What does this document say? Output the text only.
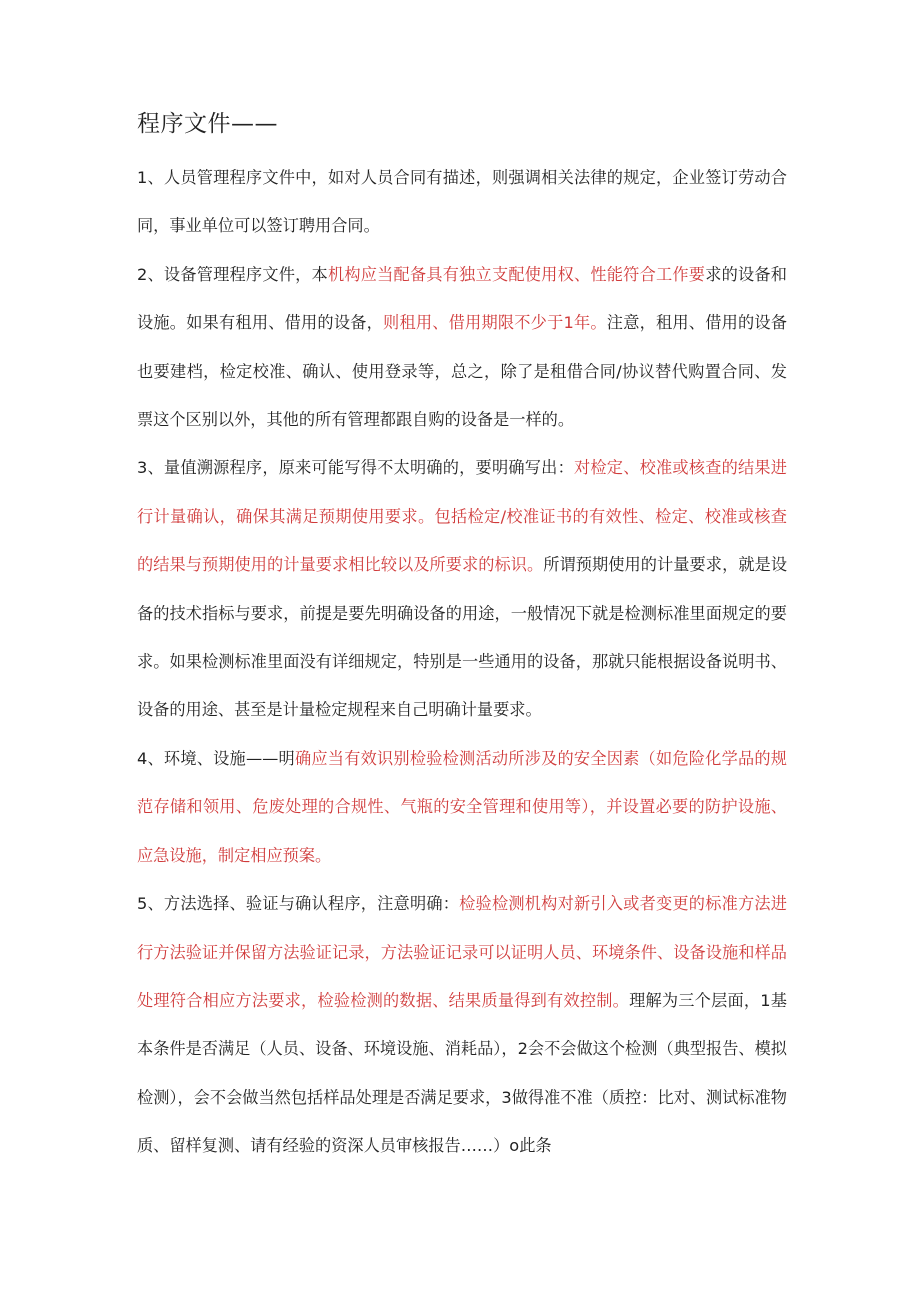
程序文件——

1、人员管理程序文件中，如对人员合同有描述，则强调相关法律的规定，企业签订劳动合同，事业单位可以签订聘用合同。

2、设备管理程序文件，本机构应当配备具有独立支配使用权、性能符合工作要求的设备和设施。如果有租用、借用的设备，则租用、借用期限不少于1年。注意，租用、借用的设备也要建档，检定校准、确认、使用登录等，总之，除了是租借合同/协议替代购置合同、发票这个区别以外，其他的所有管理都跟自购的设备是一样的。

3、量值溯源程序，原来可能写得不太明确的，要明确写出：对检定、校准或核查的结果进行计量确认，确保其满足预期使用要求。包括检定/校准证书的有效性、检定、校准或核查的结果与预期使用的计量要求相比较以及所要求的标识。所谓预期使用的计量要求，就是设备的技术指标与要求，前提是要先明确设备的用途，一般情况下就是检测标准里面规定的要求。如果检测标准里面没有详细规定，特别是一些通用的设备，那就只能根据设备说明书、设备的用途、甚至是计量检定规程来自己明确计量要求。

4、环境、设施——明确应当有效识别检验检测活动所涉及的安全因素（如危险化学品的规范存储和领用、危废处理的合规性、气瓶的安全管理和使用等），并设置必要的防护设施、应急设施，制定相应预案。

5、方法选择、验证与确认程序，注意明确：检验检测机构对新引入或者变更的标准方法进行方法验证并保留方法验证记录，方法验证记录可以证明人员、环境条件、设备设施和样品处理符合相应方法要求，检验检测的数据、结果质量得到有效控制。理解为三个层面，1基本条件是否满足（人员、设备、环境设施、消耗品），2会不会做这个检测（典型报告、模拟检测），会不会做当然包括样品处理是否满足要求，3做得准不准（质控：比对、测试标准物质、留样复测、请有经验的资深人员审核报告……）o此条
